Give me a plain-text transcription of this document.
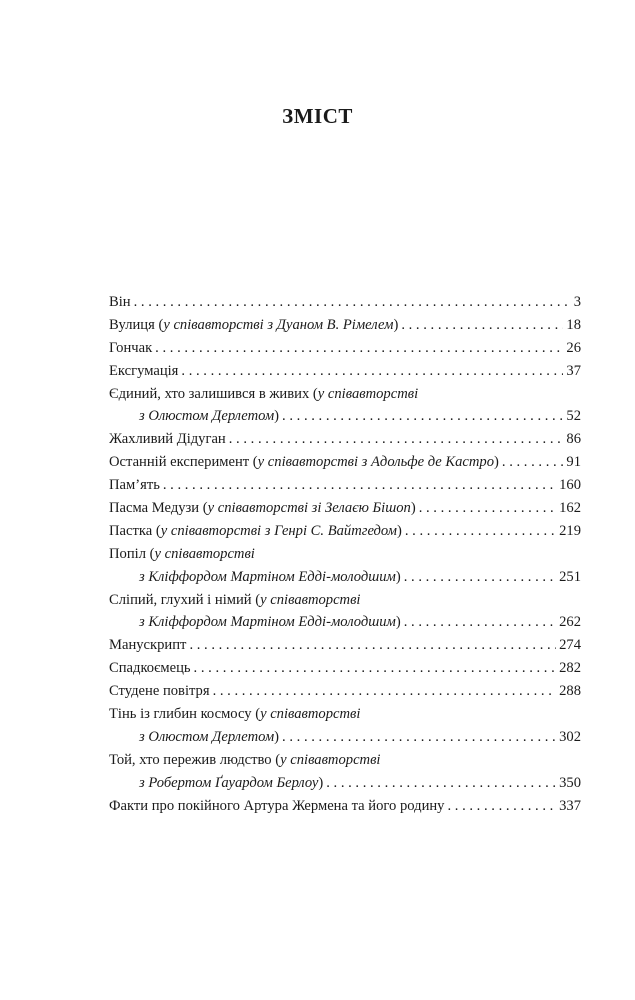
ЗМІСТ
Він . . .	3
Вулиця (у співавторстві з Дуаном В. Рімелем) . . .	18
Гончак . . .	26
Ексгумація . . .	37
Єдиний, хто залишився в живих (у співавторстві
з Олюстом Дерлетом) . . .	52
Жахливий Дідуган . . .	86
Останній експеримент (у співавторстві з Адольфе де Кастро) . . .	91
Пам’ять . . .	160
Пасма Медузи (у співавторстві зі Зелаєю Бішоп) . . .	162
Пастка (у співавторстві з Генрі С. Вайтгедом) . . .	219
Попіл (у співавторстві
з Кліффордом Мартіном Едді-молодшим) . . .	251
Сліпий, глухий і німий (у співавторстві
з Кліффордом Мартіном Едді-молодшим) . . .	262
Манускрипт . . .	274
Спадкоємець . . .	282
Студене повітря . . .	288
Тінь із глибин космосу (у співавторстві
з Олюстом Дерлетом) . . .	302
Той, хто пережив людство (у співавторстві
з Робертом Ґауардом Берлоу) . . .	350
Факти про покійного Артура Жермена та його родину . . .	337
